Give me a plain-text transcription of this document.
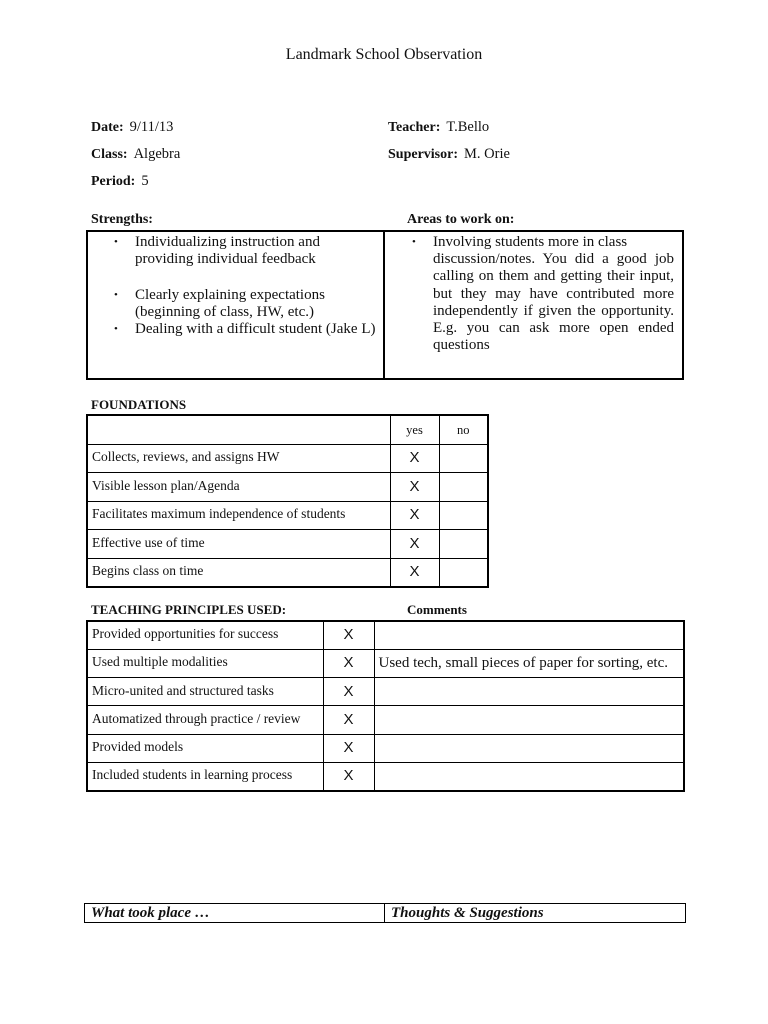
Landmark School Observation
Date: 9/11/13	Teacher: T.Bello
Class: Algebra	Supervisor: M. Orie
Period: 5
Strengths:	Areas to work on:
•
Individualizing instruction and
providing individual feedback
•
Clearly explaining expectations
(beginning of class, HW, etc.)
•
Dealing with a difficult student (Jake L)
•
Involving students more in class
discussion/notes. You did a good job
calling on them and getting their input,
but they may have contributed more
independently if given the opportunity.
E.g. you can ask more open ended
questions
FOUNDATIONS
	yes	no
Collects, reviews, and assigns HW	X	
Visible lesson plan/Agenda	X	
Facilitates maximum independence of students	X	
Effective use of time	X	
Begins class on time	X	
TEACHING PRINCIPLES USED:	Comments
Provided opportunities for success	X	
Used multiple modalities	X	Used tech, small pieces of paper for sorting, etc.
Micro-united and structured tasks	X	
Automatized through practice / review	X	
Provided models	X	
Included students in learning process	X	
What took place …	Thoughts & Suggestions
